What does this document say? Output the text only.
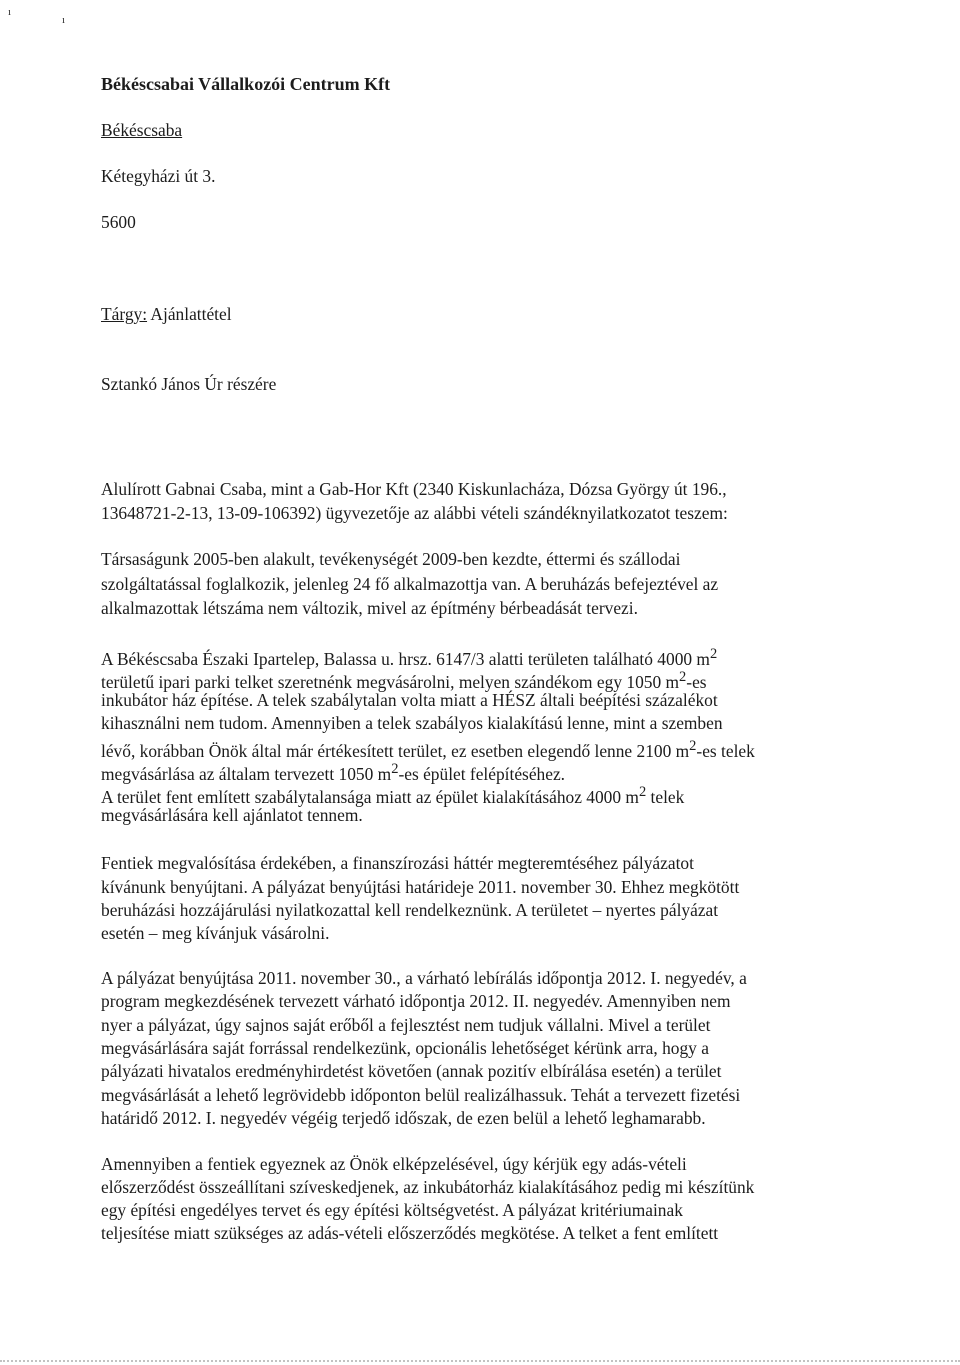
ı
ı
Békéscsabai Vállalkozói Centrum Kft
Békéscsaba
Kétegyházi út 3.
5600
Tárgy: Ajánlattétel
Sztankó János Úr részére
Alulírott Gabnai Csaba, mint a Gab-Hor Kft (2340 Kiskunlacháza, Dózsa György út 196.,
13648721-2-13, 13-09-106392) ügyvezetője az alábbi vételi szándéknyilatkozatot teszem:
Társaságunk 2005-ben alakult, tevékenységét 2009-ben kezdte, éttermi és szállodai
szolgáltatással foglalkozik, jelenleg 24 fő alkalmazottja van. A beruházás befejeztével az
alkalmazottak létszáma nem változik, mivel az építmény bérbeadását tervezi.
A Békéscsaba Északi Ipartelep, Balassa u. hrsz. 6147/3 alatti területen található 4000 $m^2$
területű ipari parki telket szeretnénk megvásárolni, melyen szándékom egy 1050 $m^2-es$
inkubátor ház építése. A telek szabálytalan volta miatt a HÉSZ általi beépítési százalékot
kihasználni nem tudom. Amennyiben a telek szabályos kialakítású lenne, mint a szemben
lévő, korábban Önök által már értékesített terület, ez esetben elegendő lenne 2100 $m^2-es$ telek
megvásárlása az általam tervezett 1050 $m^2-es$ épület felépítéséhez.
A terület fent említett szabálytalansága miatt az épület kialakításához 4000 $m^2$ telek
megvásárlására kell ajánlatot tennem.
Fentiek megvalósítása érdekében, a finanszírozási háttér megteremtéséhez pályázatot
kívánunk benyújtani. A pályázat benyújtási határideje 2011. november 30. Ehhez megkötött
beruházási hozzájárulási nyilatkozattal kell rendelkeznünk. A területet – nyertes pályázat
esetén – meg kívánjuk vásárolni.
A pályázat benyújtása 2011. november 30., a várható lebírálás időpontja 2012. I. negyedév, a
program megkezdésének tervezett várható időpontja 2012. II. negyedév. Amennyiben nem
nyer a pályázat, úgy sajnos saját erőből a fejlesztést nem tudjuk vállalni. Mivel a terület
megvásárlására saját forrással rendelkezünk, opcionális lehetőséget kérünk arra, hogy a
pályázati hivatalos eredményhirdetést követően (annak pozitív elbírálása esetén) a terület
megvásárlását a lehető legrövidebb időponton belül realizálhassuk. Tehát a tervezett fizetési
határidő 2012. I. negyedév végéig terjedő időszak, de ezen belül a lehető leghamarabb.
Amennyiben a fentiek egyeznek az Önök elképzelésével, úgy kérjük egy adás-vételi
előszerződést összeállítani szíveskedjenek, az inkubátorház kialakításához pedig mi készítünk
egy építési engedélyes tervet és egy építési költségvetést. A pályázat kritériumainak
teljesítése miatt szükséges az adás-vételi előszerződés megkötése. A telket a fent említett
